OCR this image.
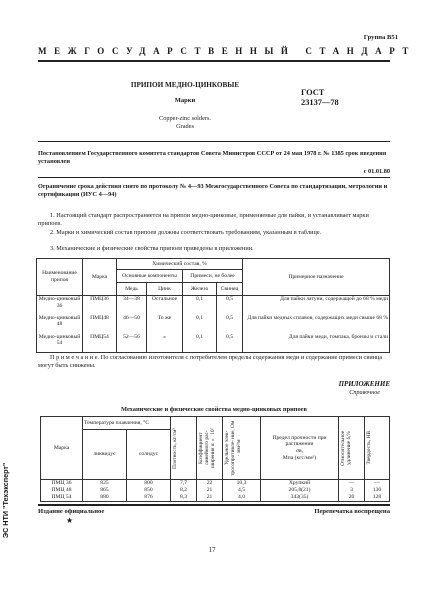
Группа В51
МЕЖГОСУДАРСТВЕННЫЙ СТАНДАРТ
ПРИПОИ МЕДНО-ЦИНКОВЫЕ
Марки
Copper-zinc solders.
Grades
ГОСТ
23137—78
Постановлением Государственного комитета стандартов Совета Министров СССР от 24 мая 1978 г. № 1385 срок введения установлен
с 01.01.80
Ограничение срока действия снято по протоколу № 4—93 Межгосударственного Совета по стандартизации, метрологии и сертификации (ИУС 4—94)
1. Настоящий стандарт распространяется на припои медно-цинковые, применяемые для пайки, и устанавливает марки припоев.
2. Марки и химический состав припоев должны соответствовать требованиям, указанным в таблице.
3. Механические и физические свойства припоев приведены в приложении.
Наименование припоя	Марка	Химический состав, %				Примерное назначение
		Основные компоненты		Примеси, не более		
		Медь	Цинк	Железо	Свинец	
Медно-цинковый 36	ПМЦ36	34—38	Остальное	0,1	0,5	Для пайки латуни, содержащей до 68 % меди
Медно-цинковый 48	ПМЦ48	46—50	То же	0,1	0,5	Для пайки медных сплавов, содержащих меди свыше 68 %
Медно-цинковый 54	ПМЦ54	52—56	»	0,1	0,5	Для пайки меди, томпака, бронзы и стали
П р и м е ч а н и е. По согласованию изготовителя с потребителем пределы содержания меди и содержание примеси свинца могут быть снижены.
ПРИЛОЖЕНИЕ
Справочное
Механические и физические свойства медно-цинковых припоев
Марка	Температура плавления, °С		Плотность, кг/см³	Коэффициент линейного рас- ширения α × 10⁷	Удельное элек- тросопротивле- ние, Ом · мм²/м	Предел прочности при растяжении
σв,
Мпа (кгс/мм²)	Относительное удлинение δ,%	Твердость, НВ

	ликвидус	солидус						
ПМЦ 36	825	800	7,7	22	10,3	Хрупкий	—	—
ПМЦ 48	865	850	8,2	21	4,5	205,8(21)	3	130
ПМЦ 54	880	876	8,3	21	4,0	343(35)	20	128
Издание официальное
★
Перепечатка воспрещена
17
ЭС НТИ "Техэксперт"
